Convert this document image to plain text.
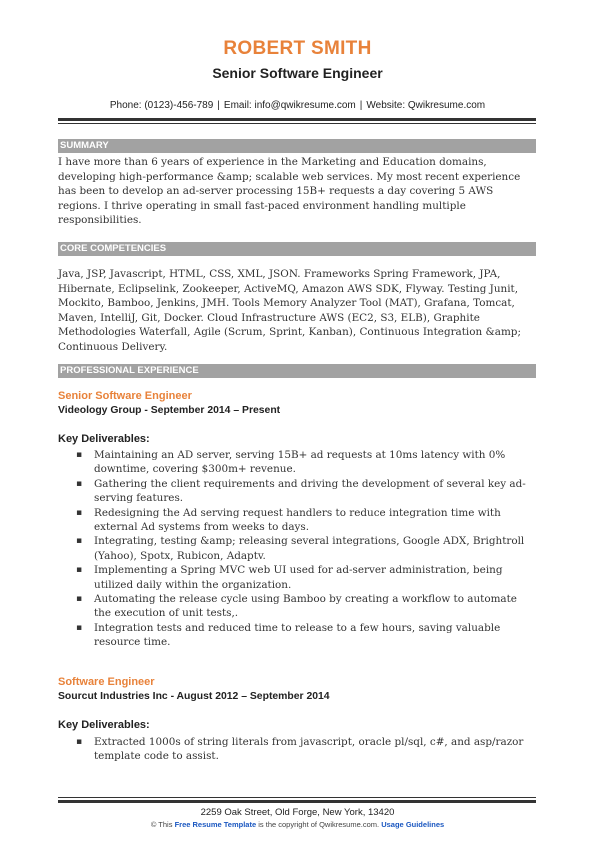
ROBERT SMITH
Senior Software Engineer
Phone: (0123)-456-789 | Email: info@qwikresume.com | Website: Qwikresume.com
SUMMARY
I have more than 6 years of experience in the Marketing and Education domains, developing high-performance &amp; scalable web services. My most recent experience has been to develop an ad-server processing 15B+ requests a day covering 5 AWS regions. I thrive operating in small fast-paced environment handling multiple responsibilities.
CORE COMPETENCIES
Java, JSP, Javascript, HTML, CSS, XML, JSON. Frameworks Spring Framework, JPA, Hibernate, Eclipselink, Zookeeper, ActiveMQ, Amazon AWS SDK, Flyway. Testing Junit, Mockito, Bamboo, Jenkins, JMH. Tools Memory Analyzer Tool (MAT), Grafana, Tomcat, Maven, IntelliJ, Git, Docker. Cloud Infrastructure AWS (EC2, S3, ELB), Graphite Methodologies Waterfall, Agile (Scrum, Sprint, Kanban), Continuous Integration &amp; Continuous Delivery.
PROFESSIONAL EXPERIENCE
Senior Software Engineer
Videology Group - September 2014 – Present
Key Deliverables:
▪ Maintaining an AD server, serving 15B+ ad requests at 10ms latency with 0% downtime, covering $300m+ revenue.
▪ Gathering the client requirements and driving the development of several key ad-serving features.
▪ Redesigning the Ad serving request handlers to reduce integration time with external Ad systems from weeks to days.
▪ Integrating, testing &amp; releasing several integrations, Google ADX, Brightroll (Yahoo), Spotx, Rubicon, Adaptv.
▪ Implementing a Spring MVC web UI used for ad-server administration, being utilized daily within the organization.
▪ Automating the release cycle using Bamboo by creating a workflow to automate the execution of unit tests,.
▪ Integration tests and reduced time to release to a few hours, saving valuable resource time.
Software Engineer
Sourcut Industries Inc - August 2012 – September 2014
Key Deliverables:
▪ Extracted 1000s of string literals from javascript, oracle pl/sql, c#, and asp/razor template code to assist.
2259 Oak Street, Old Forge, New York, 13420
© This Free Resume Template is the copyright of Qwikresume.com. Usage Guidelines
